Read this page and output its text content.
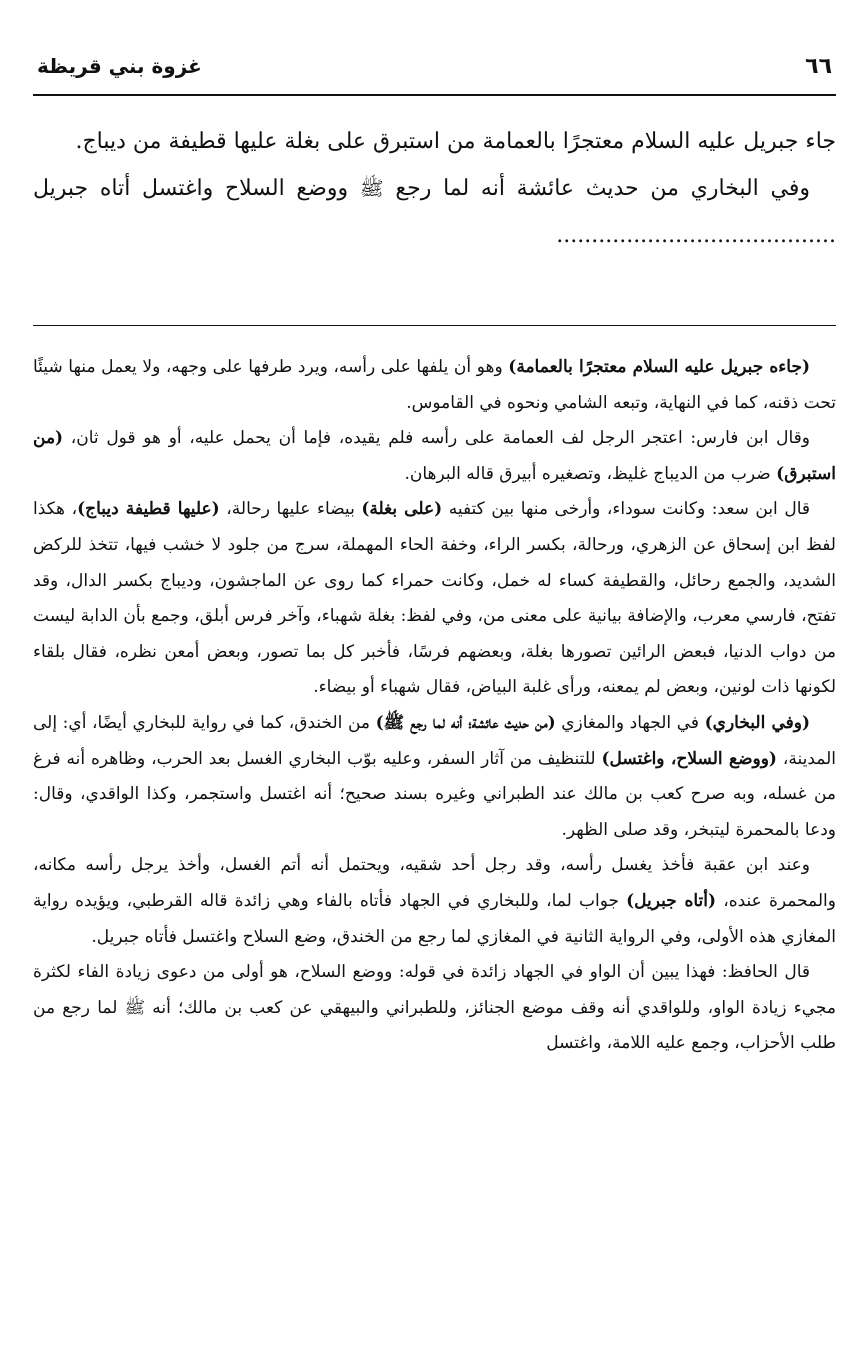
٦٦
غزوة بني قريظة

جاء جبريل عليه السلام معتجرًا بالعمامة من استبرق على بغلة عليها قطيفة من ديباج.

وفي البخاري من حديث عائشة أنه لما رجع ﷺ ووضع السلاح واغتسل أتاه جبريل ........................................

(جاءه جبريل عليه السلام معتجرًا بالعمامة) وهو أن يلفها على رأسه، ويرد طرفها على وجهه، ولا يعمل منها شيئًا تحت ذقنه، كما في النهاية، وتبعه الشامي ونحوه في القاموس.

وقال ابن فارس: اعتجر الرجل لف العمامة على رأسه فلم يقيده، فإما أن يحمل عليه، أو هو قول ثان، (من استبرق) ضرب من الديباج غليظ، وتصغيره أبيرق قاله البرهان.

قال ابن سعد: وكانت سوداء، وأرخى منها بين كتفيه (على بغلة) بيضاء عليها رحالة، (عليها قطيفة ديباج)، هكذا لفظ ابن إسحاق عن الزهري، ورحالة، بكسر الراء، وخفة الحاء المهملة، سرج من جلود لا خشب فيها، تتخذ للركض الشديد، والجمع رحائل، والقطيفة كساء له خمل، وكانت حمراء كما روى عن الماجشون، وديباج بكسر الدال، وقد تفتح، فارسي معرب، والإضافة بيانية على معنى من، وفي لفظ: بغلة شهباء، وآخر فرس أبلق، وجمع بأن الدابة ليست من دواب الدنيا، فبعض الرائين تصورها بغلة، وبعضهم فرسًا، فأخبر كل بما تصور، وبعض أمعن نظره، فقال بلقاء لكونها ذات لونين، وبعض لم يمعنه، ورأى غلبة البياض، فقال شهباء أو بيضاء.

(وفي البخاري) في الجهاد والمغازي (من حديث عائشة؛ أنه لما رجع ﷺ) من الخندق، كما في رواية للبخاري أيضًا، أي: إلى المدينة، (ووضع السلاح، واغتسل) للتنظيف من آثار السفر، وعليه بوّب البخاري الغسل بعد الحرب، وظاهره أنه فرغ من غسله، وبه صرح كعب بن مالك عند الطبراني وغيره بسند صحيح؛ أنه اغتسل واستجمر، وكذا الواقدي، وقال: ودعا بالمحمرة ليتبخر، وقد صلى الظهر.

وعند ابن عقبة فأخذ يغسل رأسه، وقد رجل أحد شقيه، ويحتمل أنه أتم الغسل، وأخذ يرجل رأسه مكانه، والمحمرة عنده، (أتاه جبريل) جواب لما، وللبخاري في الجهاد فأتاه بالفاء وهي زائدة قاله القرطبي، ويؤيده رواية المغازي هذه الأولى، وفي الرواية الثانية في المغازي لما رجع من الخندق، وضع السلاح واغتسل فأتاه جبريل.

قال الحافظ: فهذا يبين أن الواو في الجهاد زائدة في قوله: ووضع السلاح، هو أولى من دعوى زيادة الفاء لكثرة مجيء زيادة الواو، وللواقدي أنه وقف موضع الجنائز، وللطبراني والبيهقي عن كعب بن مالك؛ أنه ﷺ لما رجع من طلب الأحزاب، وجمع عليه اللامة، واغتسل
